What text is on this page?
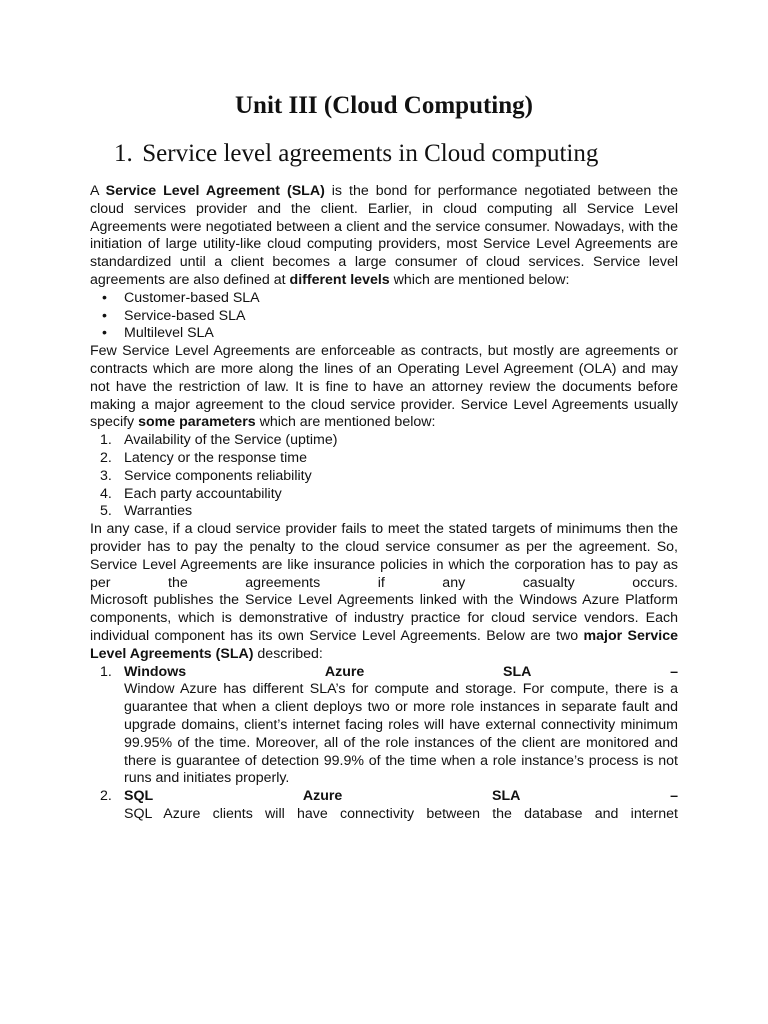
Unit III (Cloud Computing)
1. Service level agreements in Cloud computing

A Service Level Agreement (SLA) is the bond for performance negotiated between the cloud services provider and the client. Earlier, in cloud computing all Service Level Agreements were negotiated between a client and the service consumer. Nowadays, with the initiation of large utility-like cloud computing providers, most Service Level Agreements are standardized until a client becomes a large consumer of cloud services. Service level agreements are also defined at different levels which are mentioned below:

• Customer-based SLA
• Service-based SLA
• Multilevel SLA

Few Service Level Agreements are enforceable as contracts, but mostly are agreements or contracts which are more along the lines of an Operating Level Agreement (OLA) and may not have the restriction of law. It is fine to have an attorney review the documents before making a major agreement to the cloud service provider. Service Level Agreements usually specify some parameters which are mentioned below:

1. Availability of the Service (uptime)
2. Latency or the response time
3. Service components reliability
4. Each party accountability
5. Warranties

In any case, if a cloud service provider fails to meet the stated targets of minimums then the provider has to pay the penalty to the cloud service consumer as per the agreement. So, Service Level Agreements are like insurance policies in which the corporation has to pay as per the agreements if any casualty occurs.

Microsoft publishes the Service Level Agreements linked with the Windows Azure Platform components, which is demonstrative of industry practice for cloud service vendors. Each individual component has its own Service Level Agreements. Below are two major Service Level Agreements (SLA) described:

1. Windows	Azure	SLA	–
Window Azure has different SLA’s for compute and storage. For compute, there is a guarantee that when a client deploys two or more role instances in separate fault and upgrade domains, client’s internet facing roles will have external connectivity minimum 99.95% of the time. Moreover, all of the role instances of the client are monitored and there is guarantee of detection 99.9% of the time when a role instance’s process is not runs and initiates properly.
2. SQL	Azure	SLA	–
SQL Azure clients will have connectivity between the database and internet
